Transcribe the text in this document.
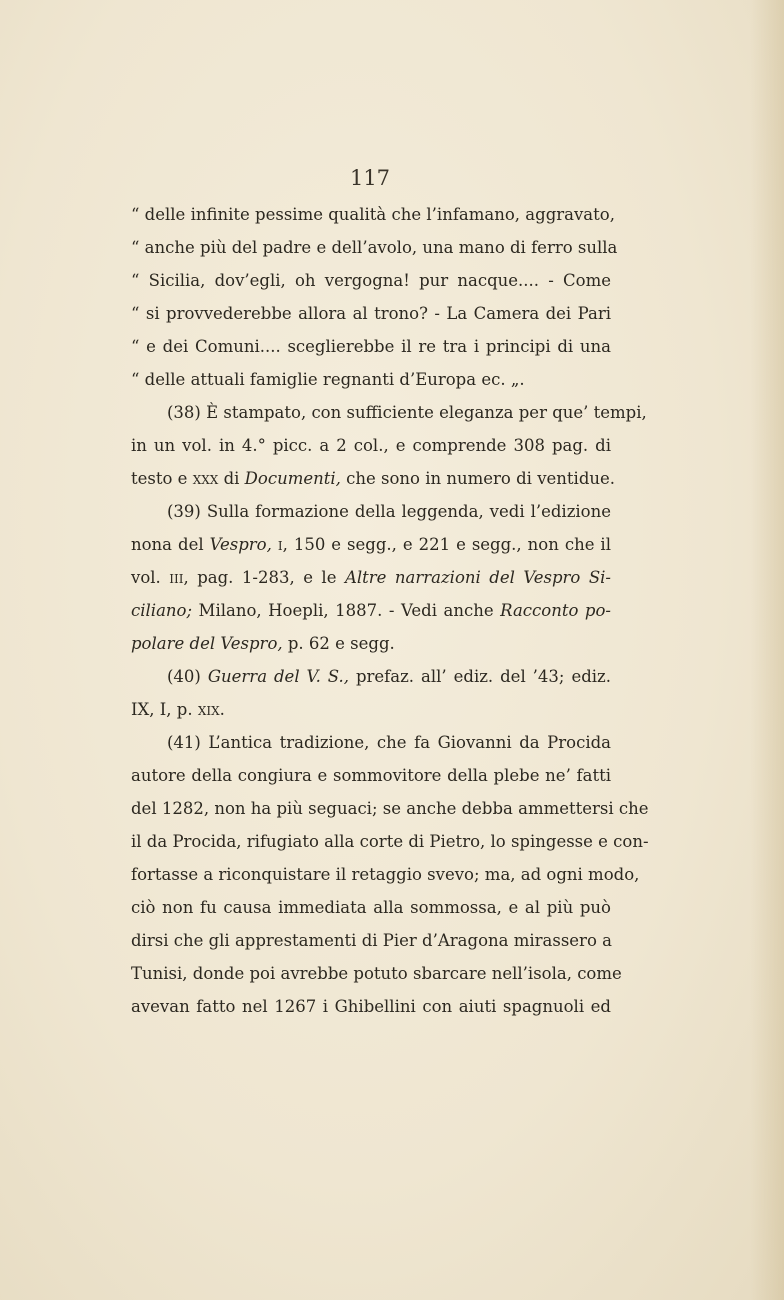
117
“ delle infinite pessime qualità che l’infamano, aggravato,
“ anche più del padre e dell’avolo, una mano di ferro sulla
“ Sicilia, dov’egli, oh vergogna! pur nacque.... - Come
“ si provvederebbe allora al trono? - La Camera dei Pari
“ e dei Comuni.... sceglierebbe il re tra i principi di una
“ delle attuali famiglie regnanti d’Europa ec. „.
(38) È stampato, con sufficiente eleganza per que’ tempi,
in un vol. in 4.° picc. a 2 col., e comprende 308 pag. di
testo e xxx di Documenti, che sono in numero di ventidue.
(39) Sulla formazione della leggenda, vedi l’edizione
nona del Vespro, i, 150 e segg., e 221 e segg., non che il
vol. iii, pag. 1-283, e le Altre narrazioni del Vespro Si-
ciliano; Milano, Hoepli, 1887. - Vedi anche Racconto po-
polare del Vespro, p. 62 e segg.
(40) Guerra del V. S., prefaz. all’ ediz. del ’43; ediz.
IX, I, p. xix.
(41) L’antica tradizione, che fa Giovanni da Procida
autore della congiura e sommovitore della plebe ne’ fatti
del 1282, non ha più seguaci; se anche debba ammettersi che
il da Procida, rifugiato alla corte di Pietro, lo spingesse e con-
fortasse a riconquistare il retaggio svevo; ma, ad ogni modo,
ciò non fu causa immediata alla sommossa, e al più può
dirsi che gli apprestamenti di Pier d’Aragona mirassero a
Tunisi, donde poi avrebbe potuto sbarcare nell’isola, come
avevan fatto nel 1267 i Ghibellini con aiuti spagnuoli ed
